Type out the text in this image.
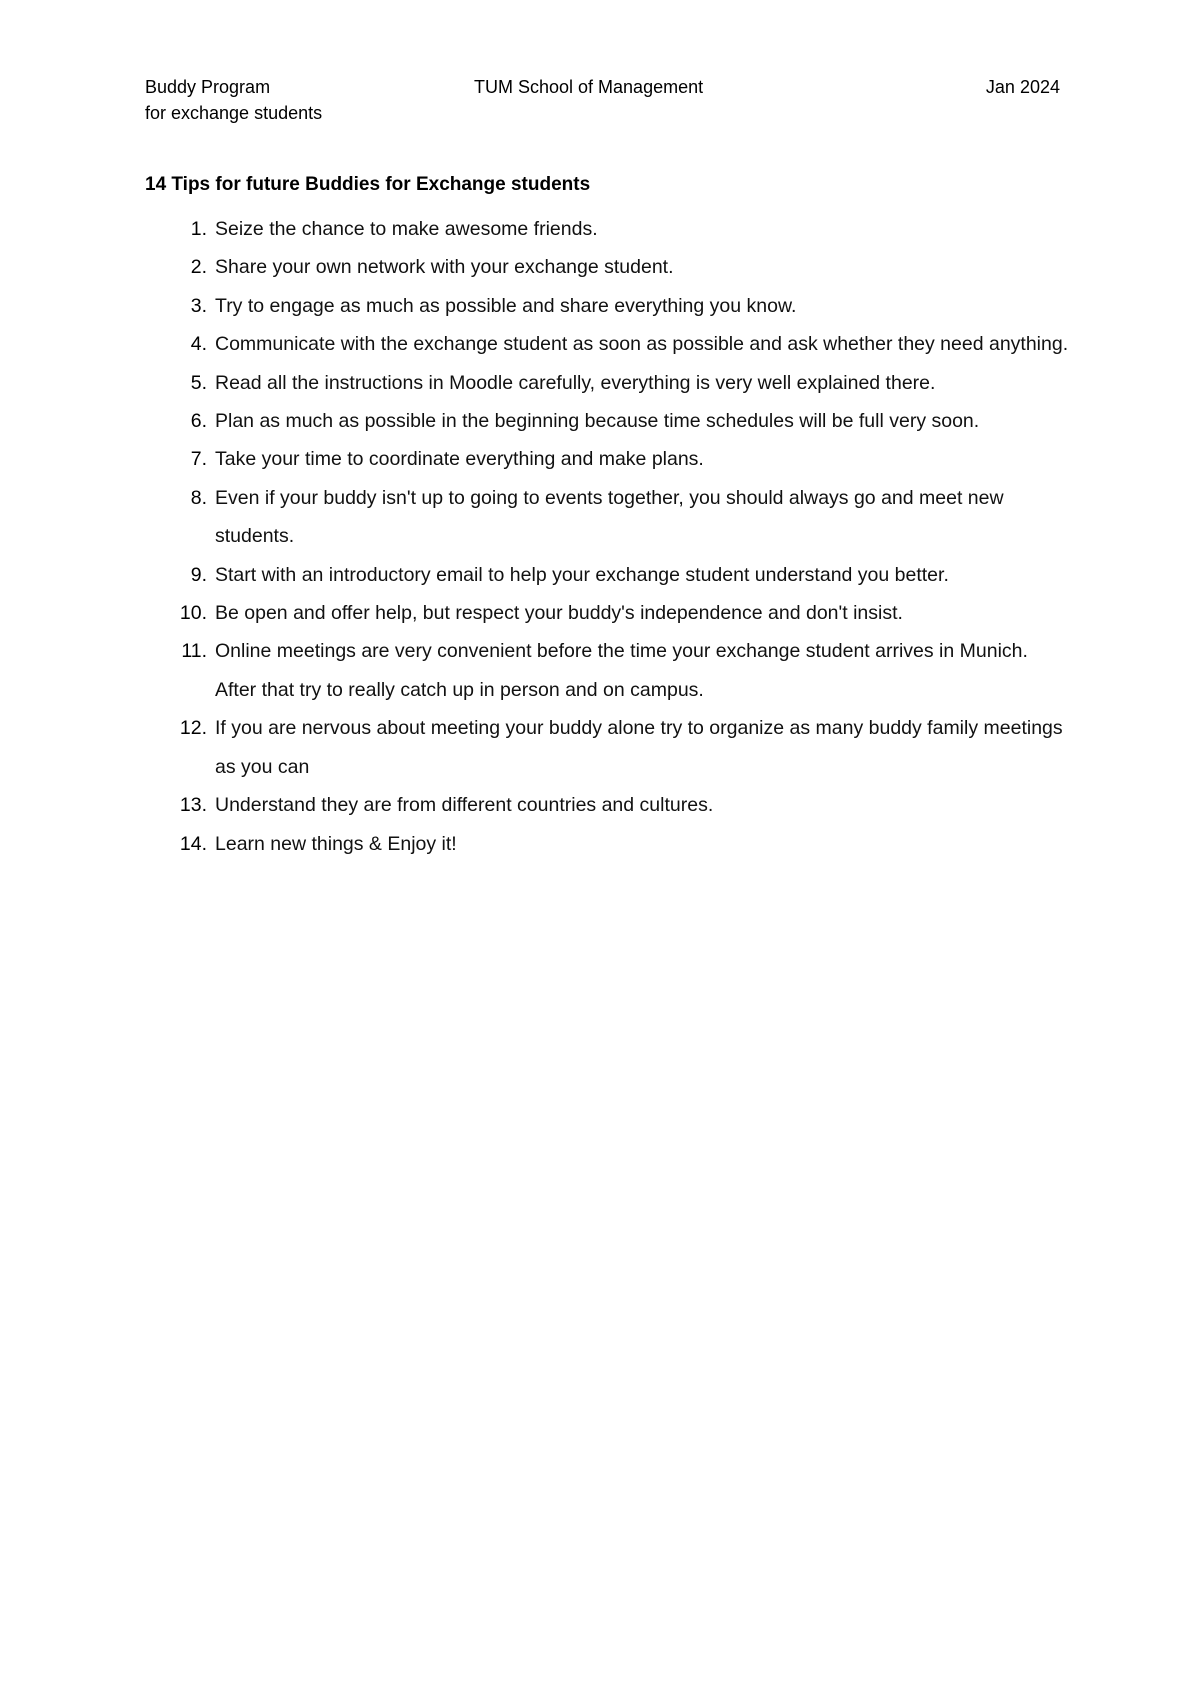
Buddy Program
for exchange students
TUM School of Management	Jan 2024
14 Tips for future Buddies for Exchange students
1. Seize the chance to make awesome friends.
2. Share your own network with your exchange student.
3. Try to engage as much as possible and share everything you know.
4. Communicate with the exchange student as soon as possible and ask whether they need anything.
5. Read all the instructions in Moodle carefully, everything is very well explained there.
6. Plan as much as possible in the beginning because time schedules will be full very soon.
7. Take your time to coordinate everything and make plans.
8. Even if your buddy isn't up to going to events together, you should always go and meet new students.
9. Start with an introductory email to help your exchange student understand you better.
10. Be open and offer help, but respect your buddy's independence and don't insist.
11. Online meetings are very convenient before the time your exchange student arrives in Munich. After that try to really catch up in person and on campus.
12. If you are nervous about meeting your buddy alone try to organize as many buddy family meetings as you can
13. Understand they are from different countries and cultures.
14. Learn new things & Enjoy it!
